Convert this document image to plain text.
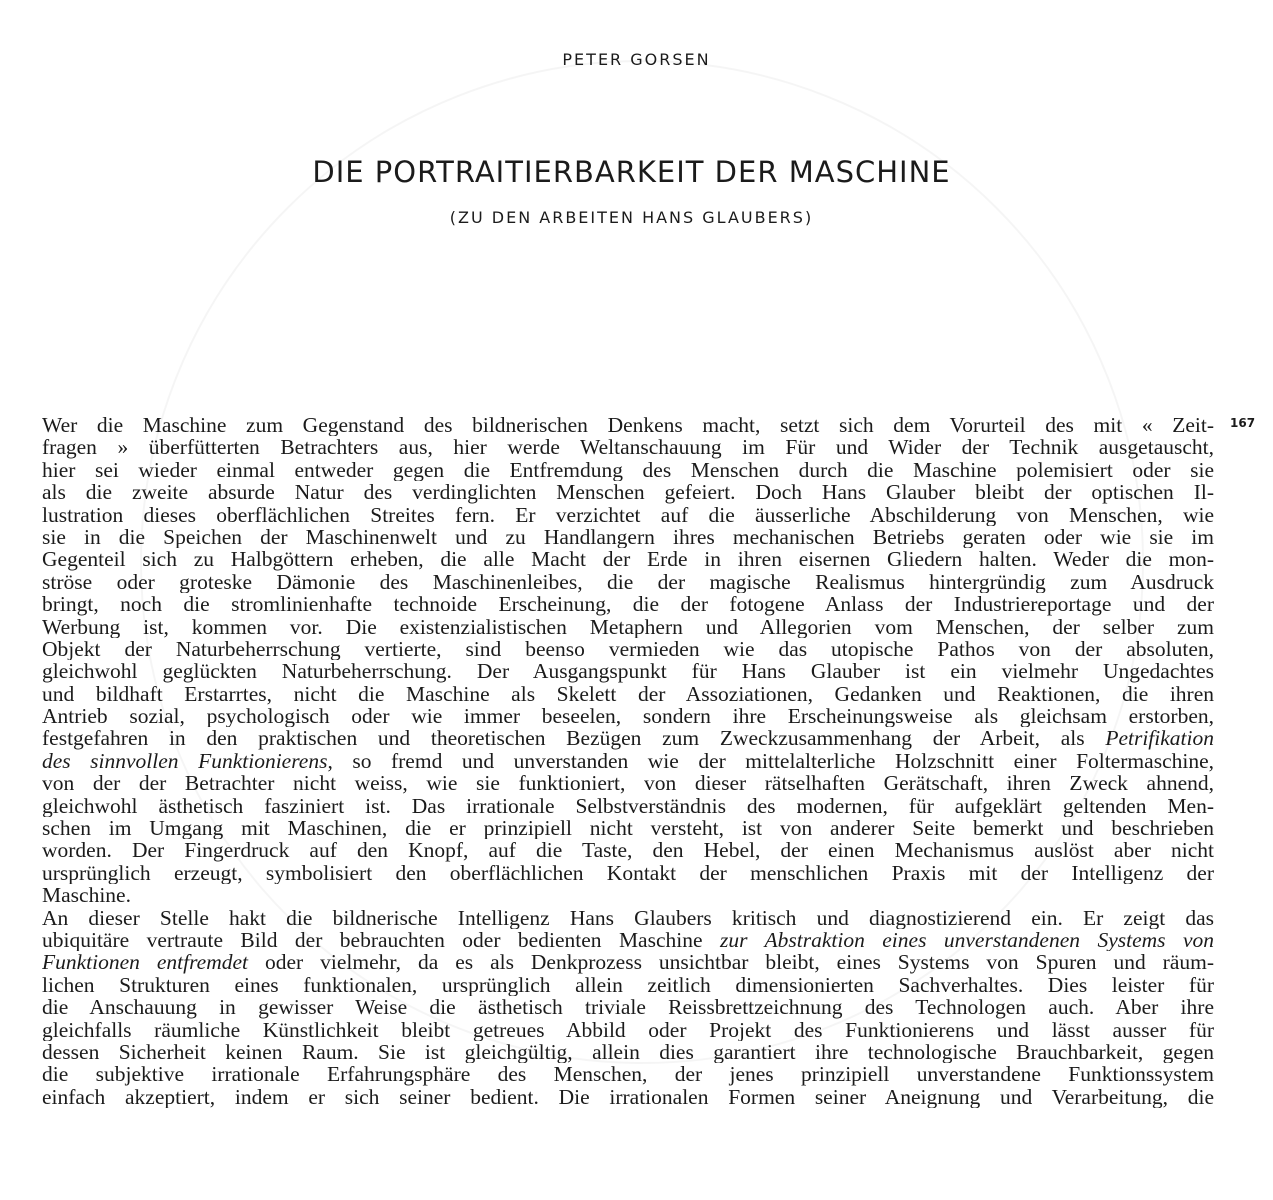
PETER GORSEN
DIE PORTRAITIERBARKEIT DER MASCHINE
(ZU DEN ARBEITEN HANS GLAUBERS)
167
Wer die Maschine zum Gegenstand des bildnerischen Denkens macht, setzt sich dem Vorurteil des mit « Zeit-
fragen » überfütterten Betrachters aus, hier werde Weltanschauung im Für und Wider der Technik ausgetauscht,
hier sei wieder einmal entweder gegen die Entfremdung des Menschen durch die Maschine polemisiert oder sie
als die zweite absurde Natur des verdinglichten Menschen gefeiert. Doch Hans Glauber bleibt der optischen Il-
lustration dieses oberflächlichen Streites fern. Er verzichtet auf die äusserliche Abschilderung von Menschen, wie
sie in die Speichen der Maschinenwelt und zu Handlangern ihres mechanischen Betriebs geraten oder wie sie im
Gegenteil sich zu Halbgöttern erheben, die alle Macht der Erde in ihren eisernen Gliedern halten. Weder die mon-
ströse oder groteske Dämonie des Maschinenleibes, die der magische Realismus hintergründig zum Ausdruck
bringt, noch die stromlinienhafte technoide Erscheinung, die der fotogene Anlass der Industriereportage und der
Werbung ist, kommen vor. Die existenzialistischen Metaphern und Allegorien vom Menschen, der selber zum
Objekt der Naturbeherrschung vertierte, sind beenso vermieden wie das utopische Pathos von der absoluten,
gleichwohl geglückten Naturbeherrschung. Der Ausgangspunkt für Hans Glauber ist ein vielmehr Ungedachtes
und bildhaft Erstarrtes, nicht die Maschine als Skelett der Assoziationen, Gedanken und Reaktionen, die ihren
Antrieb sozial, psychologisch oder wie immer beseelen, sondern ihre Erscheinungsweise als gleichsam erstorben,
festgefahren in den praktischen und theoretischen Bezügen zum Zweckzusammenhang der Arbeit, als Petrifikation
des sinnvollen Funktionierens, so fremd und unverstanden wie der mittelalterliche Holzschnitt einer Foltermaschine,
von der der Betrachter nicht weiss, wie sie funktioniert, von dieser rätselhaften Gerätschaft, ihren Zweck ahnend,
gleichwohl ästhetisch fasziniert ist. Das irrationale Selbstverständnis des modernen, für aufgeklärt geltenden Men-
schen im Umgang mit Maschinen, die er prinzipiell nicht versteht, ist von anderer Seite bemerkt und beschrieben
worden. Der Fingerdruck auf den Knopf, auf die Taste, den Hebel, der einen Mechanismus auslöst aber nicht
ursprünglich erzeugt, symbolisiert den oberflächlichen Kontakt der menschlichen Praxis mit der Intelligenz der
Maschine.
An dieser Stelle hakt die bildnerische Intelligenz Hans Glaubers kritisch und diagnostizierend ein. Er zeigt das
ubiquitäre vertraute Bild der bebrauchten oder bedienten Maschine zur Abstraktion eines unverstandenen Systems von
Funktionen entfremdet oder vielmehr, da es als Denkprozess unsichtbar bleibt, eines Systems von Spuren und räum-
lichen Strukturen eines funktionalen, ursprünglich allein zeitlich dimensionierten Sachverhaltes. Dies leister für
die Anschauung in gewisser Weise die ästhetisch triviale Reissbrettzeichnung des Technologen auch. Aber ihre
gleichfalls räumliche Künstlichkeit bleibt getreues Abbild oder Projekt des Funktionierens und lässt ausser für
dessen Sicherheit keinen Raum. Sie ist gleichgültig, allein dies garantiert ihre technologische Brauchbarkeit, gegen
die subjektive irrationale Erfahrungsphäre des Menschen, der jenes prinzipiell unverstandene Funktionssystem
einfach akzeptiert, indem er sich seiner bedient. Die irrationalen Formen seiner Aneignung und Verarbeitung, die
